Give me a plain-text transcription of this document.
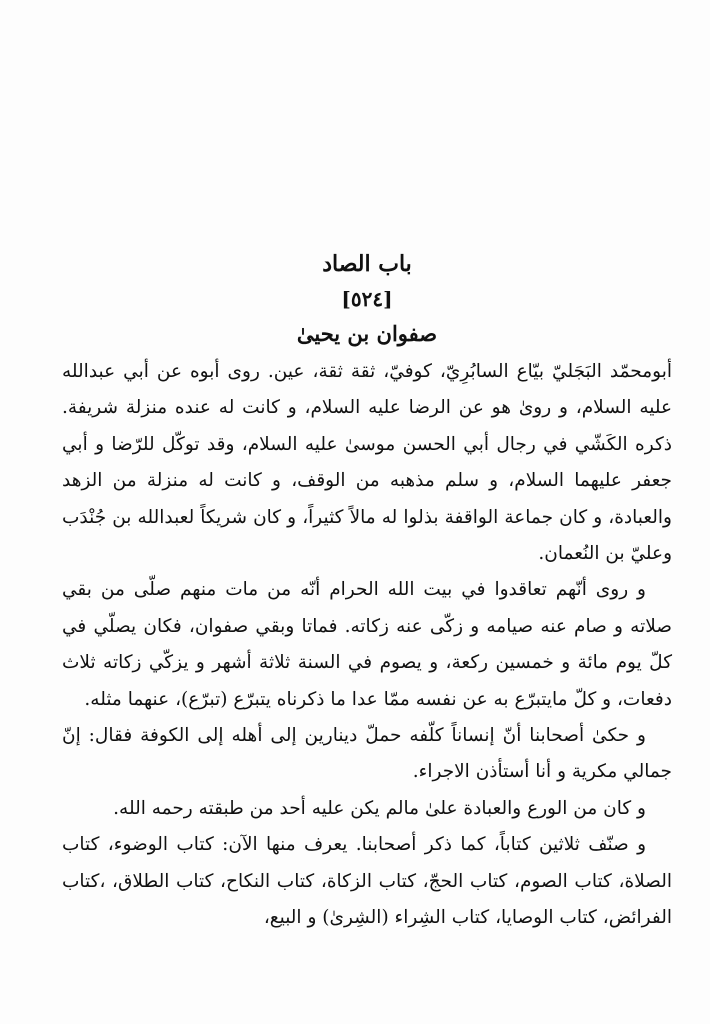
باب الصاد
[٥٢٤]
صفوان بن يحيىٰ

أبومحمّد البَجَليّ بيّاع السابُرِيّ، كوفيّ، ثقة ثقة، عين. روى أبوه عن أبي عبدالله عليه السلام، و روىٰ هو عن الرضا عليه السلام، و كانت له عنده منزلة شريفة. ذكره الكَشّي في رجال أبي الحسن موسىٰ عليه السلام، وقد توكّل للرّضا و أبي جعفر عليهما السلام، و سلم مذهبه من الوقف، و كانت له منزلة من الزهد والعبادة، و كان جماعة الواقفة بذلوا له مالاً كثيراً، و كان شريكاً لعبدالله بن جُنْدَب وعليّ بن النُعمان.

و روى أنّهم تعاقدوا في بيت الله الحرام أنّه من مات منهم صلّى من بقي صلاته و صام عنه صيامه و زكّى عنه زكاته. فماتا وبقي صفوان، فكان يصلّي في كلّ يوم مائة و خمسين ركعة، و يصوم في السنة ثلاثة أشهر و يزكّي زكاته ثلاث دفعات، و كلّ مايتبرّع به عن نفسه ممّا عدا ما ذكرناه يتبرّع (تبرّع)، عنهما مثله.

و حكىٰ أصحابنا أنّ إنساناً كلّفه حملّ دينارين إلى أهله إلى الكوفة فقال: إنّ جمالي مكرية و أنا أستأذن الاجراء.

و كان من الورع والعبادة علىٰ مالم يكن عليه أحد من طبقته رحمه الله.

و صنّف ثلاثين كتاباً، كما ذكر أصحابنا. يعرف منها الآن: كتاب الوضوء، كتاب الصلاة، كتاب الصوم، كتاب الحجّ، كتاب الزكاة، كتاب النكاح، كتاب الطلاق، ،كتاب الفرائض، كتاب الوصايا، كتاب الشِراء (الشِرىٰ) و البيع،
